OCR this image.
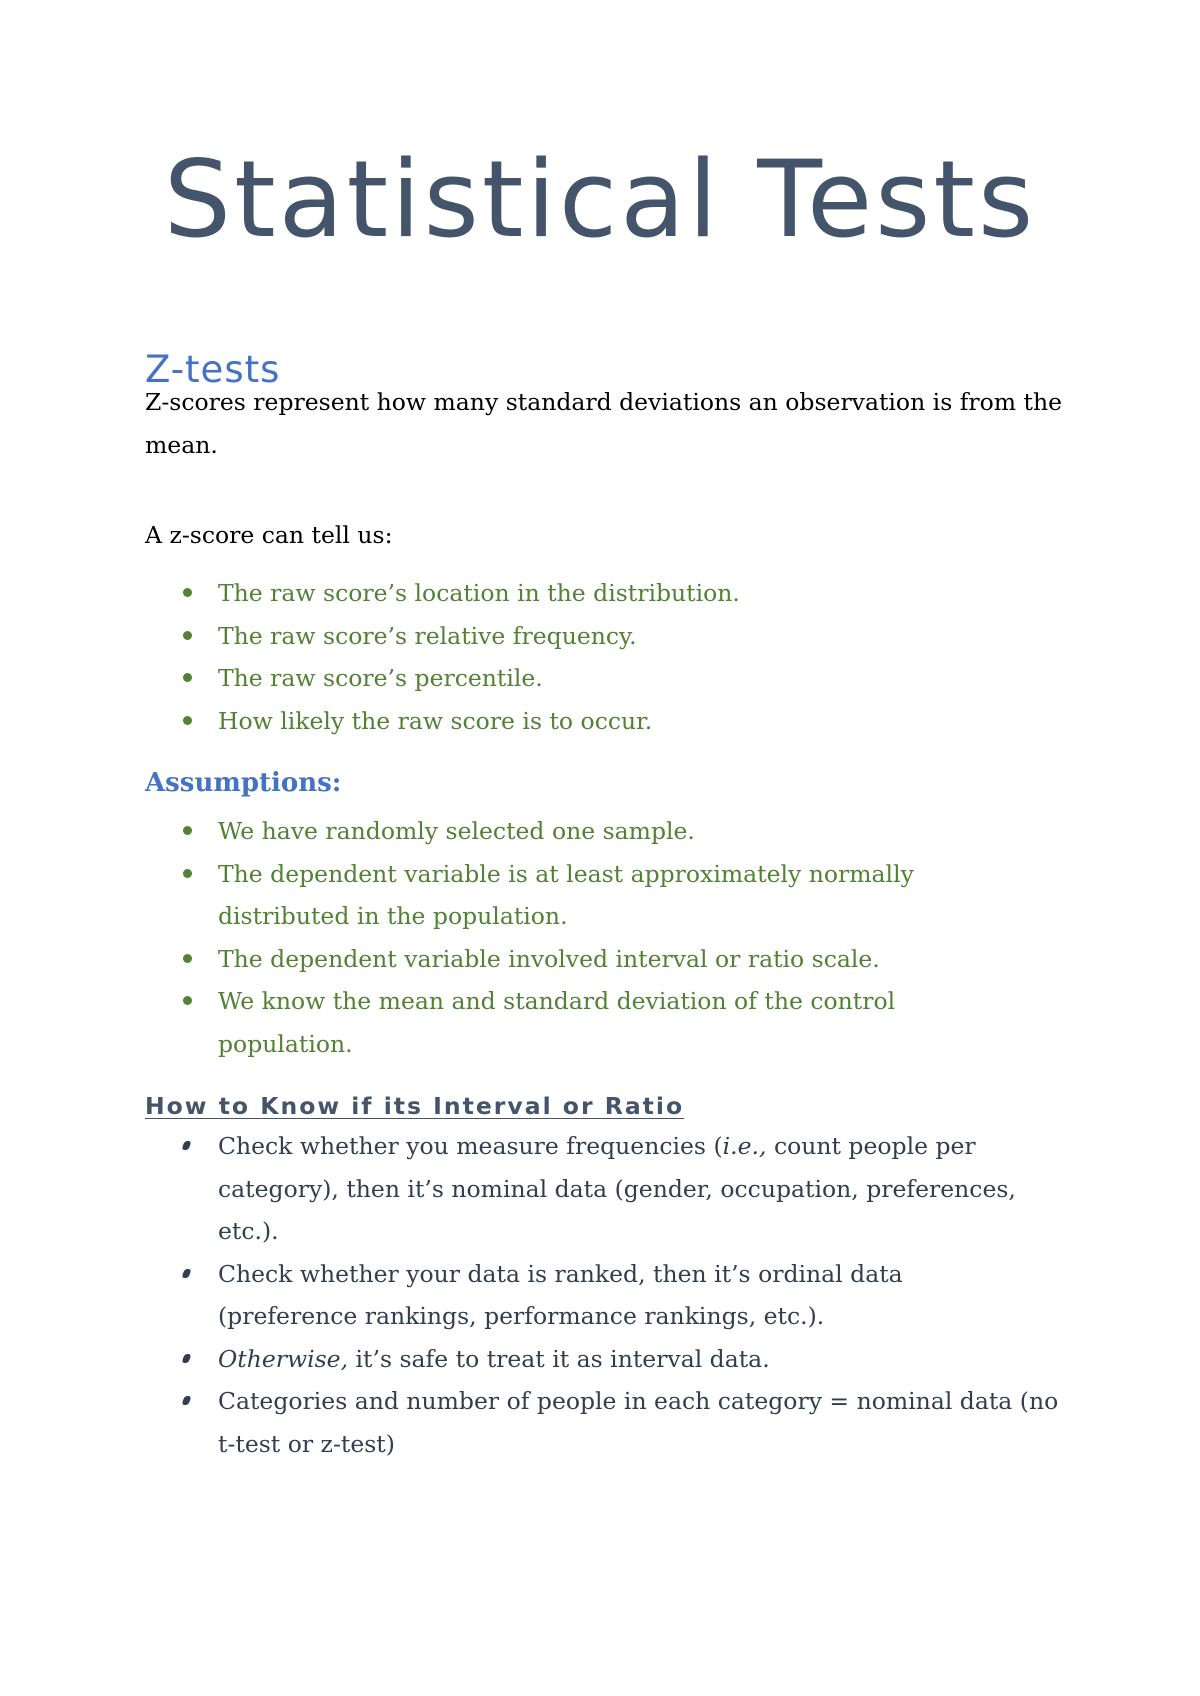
Statistical Tests
Z-tests

Z-scores represent how many standard deviations an observation is from the mean.

A z-score can tell us:

The raw score’s location in the distribution.
The raw score’s relative frequency.
The raw score’s percentile.
How likely the raw score is to occur.
Assumptions:
We have randomly selected one sample.
The dependent variable is at least approximately normally distributed in the population.
The dependent variable involved interval or ratio scale.
We know the mean and standard deviation of the control population.
How to Know if its Interval or Ratio
Check whether you measure frequencies (i.e., count people per category), then it’s nominal data (gender, occupation, preferences, etc.).
Check whether your data is ranked, then it’s ordinal data (preference rankings, performance rankings, etc.).
Otherwise, it’s safe to treat it as interval data.
Categories and number of people in each category = nominal data (no t-test or z-test)
